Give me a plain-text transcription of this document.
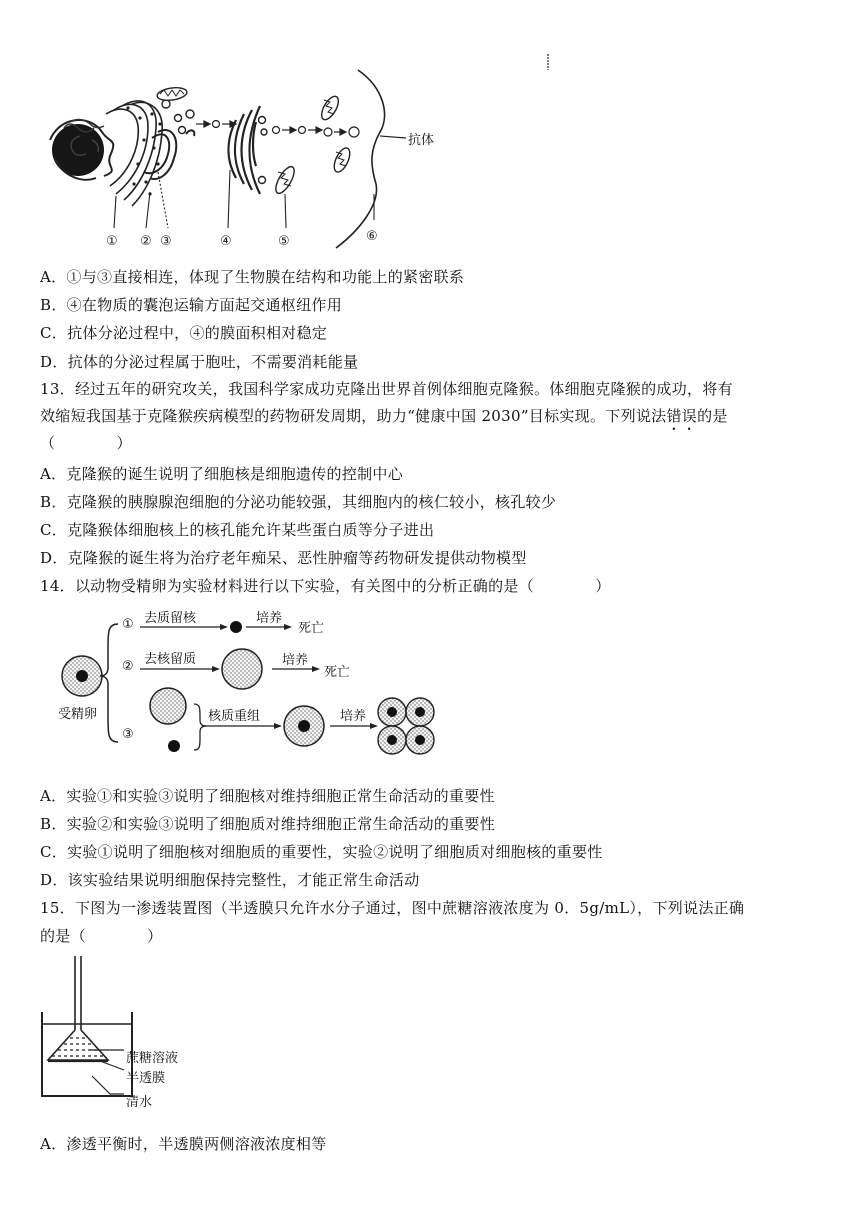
抗体
① ② ③	④	⑤	⑥
A．①与③直接相连，体现了生物膜在结构和功能上的紧密联系
B．④在物质的囊泡运输方面起交通枢纽作用
C．抗体分泌过程中，④的膜面积相对稳定
D．抗体的分泌过程属于胞吐，不需要消耗能量
13．经过五年的研究攻关，我国科学家成功克隆出世界首例体细胞克隆猴。体细胞克隆猴的成功，将有
效缩短我国基于克隆猴疾病模型的药物研发周期，助力“健康中国 2030”目标实现。下列说法错误的是
（　　　　）
A．克隆猴的诞生说明了细胞核是细胞遗传的控制中心
B．克隆猴的胰腺腺泡细胞的分泌功能较强，其细胞内的核仁较小，核孔较少
C．克隆猴体细胞核上的核孔能允许某些蛋白质等分子进出
D．克隆猴的诞生将为治疗老年痴呆、恶性肿瘤等药物研发提供动物模型
14．以动物受精卵为实验材料进行以下实验，有关图中的分析正确的是（　　　　）
受精卵
① 去质留核	培养
死亡
② 去核留质	培养
死亡
③
核质重组	培养
A．实验①和实验③说明了细胞核对维持细胞正常生命活动的重要性
B．实验②和实验③说明了细胞质对维持细胞正常生命活动的重要性
C．实验①说明了细胞核对细胞质的重要性，实验②说明了细胞质对细胞核的重要性
D．该实验结果说明细胞保持完整性，才能正常生命活动
15．下图为一渗透装置图（半透膜只允许水分子通过，图中蔗糖溶液浓度为 0．5g/mL），下列说法正确
的是（　　　　）
蔗糖溶液
半透膜
清水
A．渗透平衡时，半透膜两侧溶液浓度相等
